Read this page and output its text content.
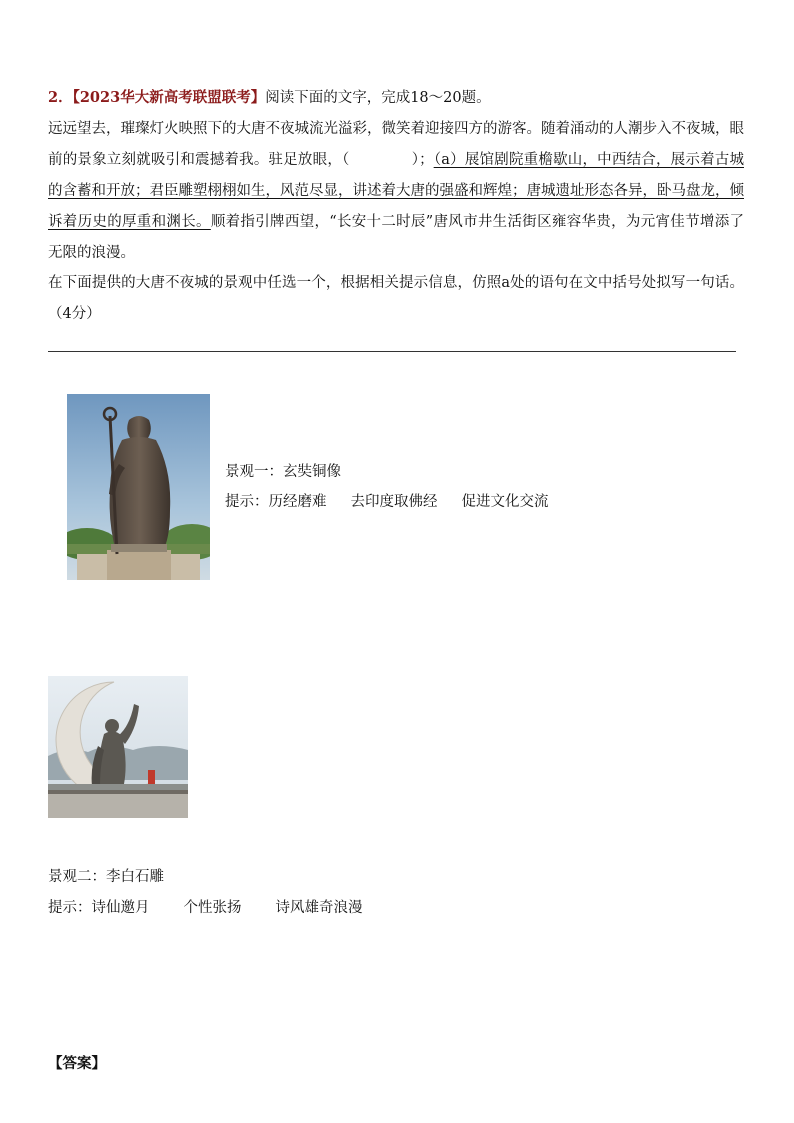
2．【2023华大新高考联盟联考】阅读下面的文字，完成18～20题。
远远望去，璀璨灯火映照下的大唐不夜城流光溢彩，微笑着迎接四方的游客。随着涌动的人潮步入不夜城，眼前的景象立刻就吸引和震撼着我。驻足放眼，（	）；（a）展馆剧院重檐歇山，中西结合，展示着古城的含蓄和开放；君臣雕塑栩栩如生，风范尽显，讲述着大唐的强盛和辉煌；唐城遗址形态各异，卧马盘龙，倾诉着历史的厚重和渊长。顺着指引牌西望，“长安十二时辰”唐风市井生活街区雍容华贵，为元宵佳节增添了无限的浪漫。
在下面提供的大唐不夜城的景观中任选一个，根据相关提示信息，仿照a处的语句在文中括号处拟写一句话。（4分）
景观一：玄奘铜像
提示：历经磨难 去印度取佛经 促进文化交流
景观二：李白石雕
提示：诗仙邀月 个性张扬 诗风雄奇浪漫
【答案】
